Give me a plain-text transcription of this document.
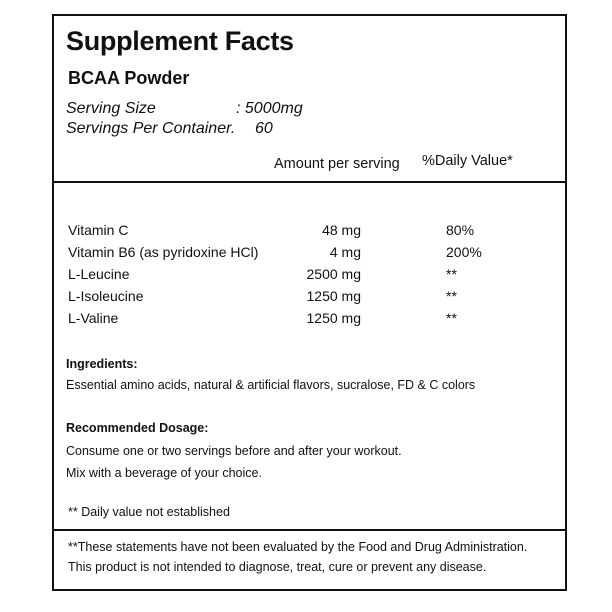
Supplement Facts
BCAA Powder
Serving Size	: 5000mg
Servings Per Container. 60
Amount per serving %Daily Value*
Vitamin C	48 mg	80%
Vitamin B6 (as pyridoxine HCl)	4 mg	200%
L-Leucine	2500 mg	**
L-Isoleucine	1250 mg	**
L-Valine	1250 mg	**
Ingredients:
Essential amino acids, natural & artificial flavors, sucralose, FD & C colors
Recommended Dosage:
Consume one or two servings before and after your workout.
Mix with a beverage of your choice.
** Daily value not established
**These statements have not been evaluated by the Food and Drug Administration.
This product is not intended to diagnose, treat, cure or prevent any disease.
